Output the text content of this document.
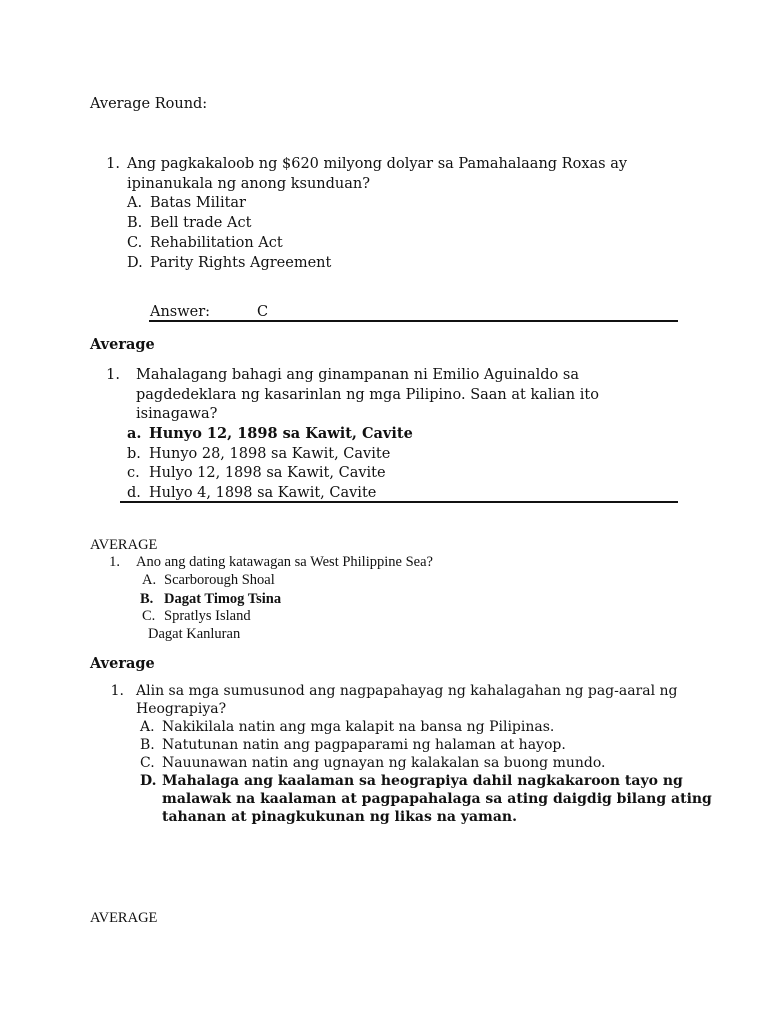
Average Round:
1. Ang pagkakaloob ng $620 milyong dolyar sa Pamahalaang Roxas ay
ipinanukala ng anong ksunduan?
A. Batas Militar
B. Bell trade Act
C. Rehabilitation Act
D. Parity Rights Agreement
Answer:	C
Average
1. Mahalagang bahagi ang ginampanan ni Emilio Aguinaldo sa
pagdedeklara ng kasarinlan ng mga Pilipino. Saan at kalian ito
isinagawa?
a. Hunyo 12, 1898 sa Kawit, Cavite
b. Hunyo 28, 1898 sa Kawit, Cavite
c. Hulyo 12, 1898 sa Kawit, Cavite
d. Hulyo 4, 1898 sa Kawit, Cavite
AVERAGE
1. Ano ang dating katawagan sa West Philippine Sea?
A. Scarborough Shoal
B. Dagat Timog Tsina
C. Spratlys Island
Dagat Kanluran
Average
1. Alin sa mga sumusunod ang nagpapahayag ng kahalagahan ng pag-aaral ng
Heograpiya?
A. Nakikilala natin ang mga kalapit na bansa ng Pilipinas.
B. Natutunan natin ang pagpaparami ng halaman at hayop.
C. Nauunawan natin ang ugnayan ng kalakalan sa buong mundo.
D. Mahalaga ang kaalaman sa heograpiya dahil nagkakaroon tayo ng
malawak na kaalaman at pagpapahalaga sa ating daigdig bilang ating
tahanan at pinagkukunan ng likas na yaman.
AVERAGE
